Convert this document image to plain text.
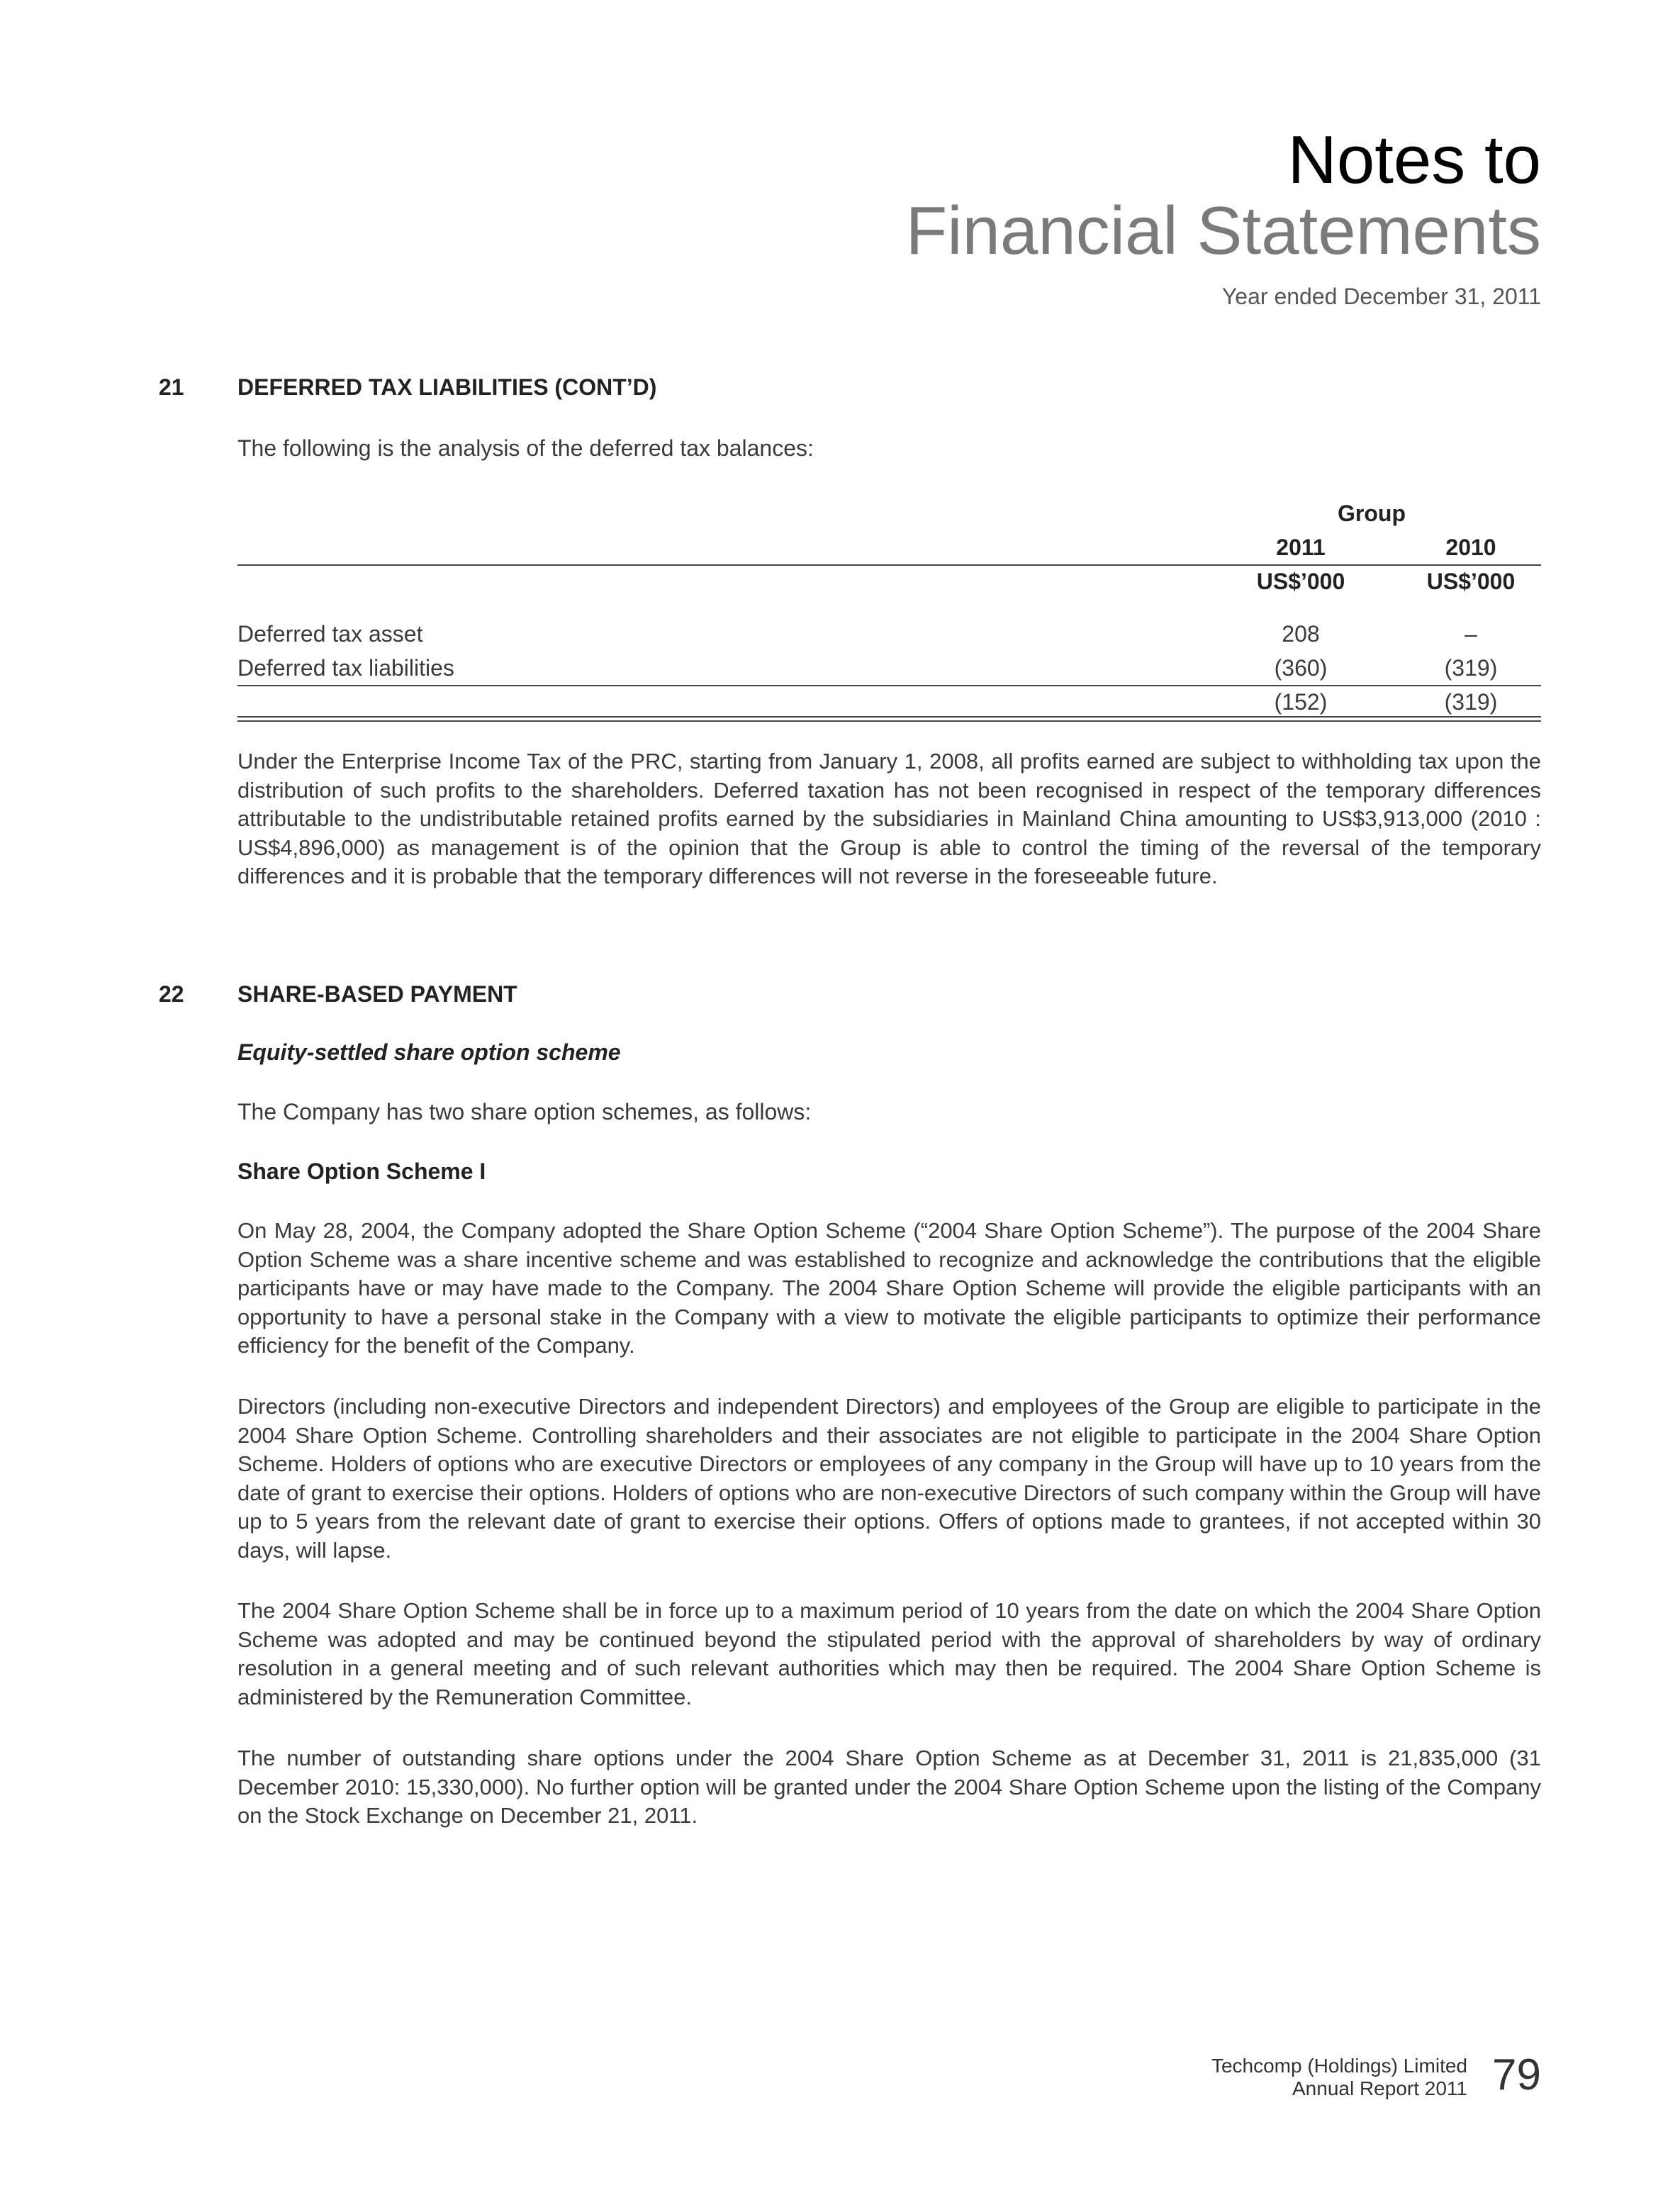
Notes to
Financial Statements
Year ended December 31, 2011
21 DEFERRED TAX LIABILITIES (CONT’D)
The following is the analysis of the deferred tax balances:
Group
2011	2010
US$’000	US$’000
Deferred tax asset	208	–
Deferred tax liabilities	(360)	(319)
(152)	(319)
Under the Enterprise Income Tax of the PRC, starting from January 1, 2008, all profits earned are subject to withholding tax upon the distribution of such profits to the shareholders. Deferred taxation has not been recognised in respect of the temporary differences attributable to the undistributable retained profits earned by the subsidiaries in Mainland China amounting to US$3,913,000 (2010 : US$4,896,000) as management is of the opinion that the Group is able to control the timing of the reversal of the temporary differences and it is probable that the temporary differences will not reverse in the foreseeable future.
22 SHARE-BASED PAYMENT
Equity-settled share option scheme
The Company has two share option schemes, as follows:
Share Option Scheme I
On May 28, 2004, the Company adopted the Share Option Scheme (“2004 Share Option Scheme”). The purpose of the 2004 Share Option Scheme was a share incentive scheme and was established to recognize and acknowledge the contributions that the eligible participants have or may have made to the Company. The 2004 Share Option Scheme will provide the eligible participants with an opportunity to have a personal stake in the Company with a view to motivate the eligible participants to optimize their performance efficiency for the benefit of the Company.
Directors (including non-executive Directors and independent Directors) and employees of the Group are eligible to participate in the 2004 Share Option Scheme. Controlling shareholders and their associates are not eligible to participate in the 2004 Share Option Scheme. Holders of options who are executive Directors or employees of any company in the Group will have up to 10 years from the date of grant to exercise their options. Holders of options who are non-executive Directors of such company within the Group will have up to 5 years from the relevant date of grant to exercise their options. Offers of options made to grantees, if not accepted within 30 days, will lapse.
The 2004 Share Option Scheme shall be in force up to a maximum period of 10 years from the date on which the 2004 Share Option Scheme was adopted and may be continued beyond the stipulated period with the approval of shareholders by way of ordinary resolution in a general meeting and of such relevant authorities which may then be required. The 2004 Share Option Scheme is administered by the Remuneration Committee.
The number of outstanding share options under the 2004 Share Option Scheme as at December 31, 2011 is 21,835,000 (31 December 2010: 15,330,000). No further option will be granted under the 2004 Share Option Scheme upon the listing of the Company on the Stock Exchange on December 21, 2011.
Techcomp (Holdings) Limited
Annual Report 2011 79
